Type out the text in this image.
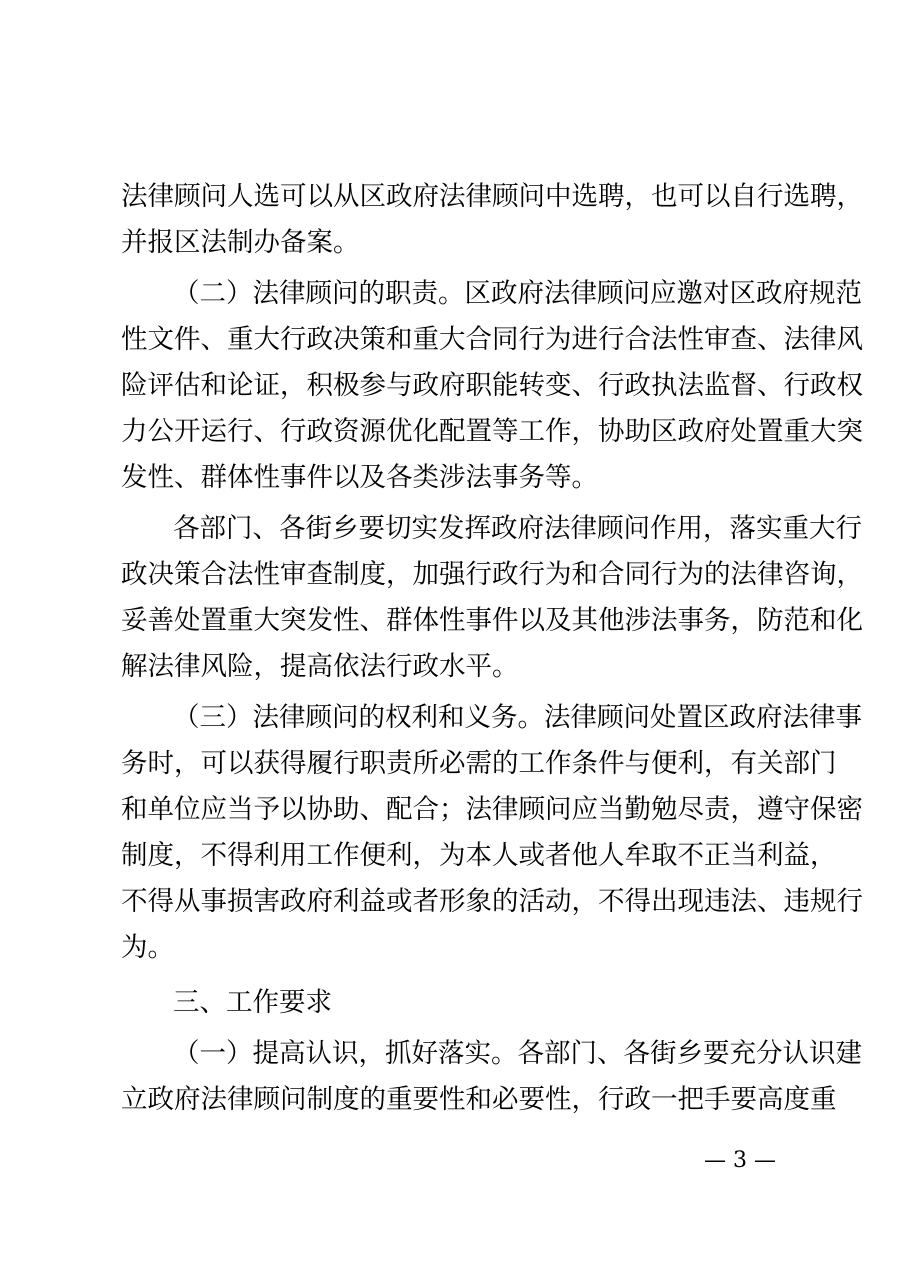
法律顾问人选可以从区政府法律顾问中选聘，也可以自行选聘，
并报区法制办备案。
（二）法律顾问的职责。区政府法律顾问应邀对区政府规范
性文件、重大行政决策和重大合同行为进行合法性审查、法律风
险评估和论证，积极参与政府职能转变、行政执法监督、行政权
力公开运行、行政资源优化配置等工作，协助区政府处置重大突
发性、群体性事件以及各类涉法事务等。
各部门、各街乡要切实发挥政府法律顾问作用，落实重大行
政决策合法性审查制度，加强行政行为和合同行为的法律咨询，
妥善处置重大突发性、群体性事件以及其他涉法事务，防范和化
解法律风险，提高依法行政水平。
（三）法律顾问的权利和义务。法律顾问处置区政府法律事
务时，可以获得履行职责所必需的工作条件与便利，有关部门
和单位应当予以协助、配合；法律顾问应当勤勉尽责，遵守保密
制度，不得利用工作便利，为本人或者他人牟取不正当利益，
不得从事损害政府利益或者形象的活动，不得出现违法、违规行
为。
三、工作要求
（一）提高认识，抓好落实。各部门、各街乡要充分认识建
立政府法律顾问制度的重要性和必要性，行政一把手要高度重
— 3 —
